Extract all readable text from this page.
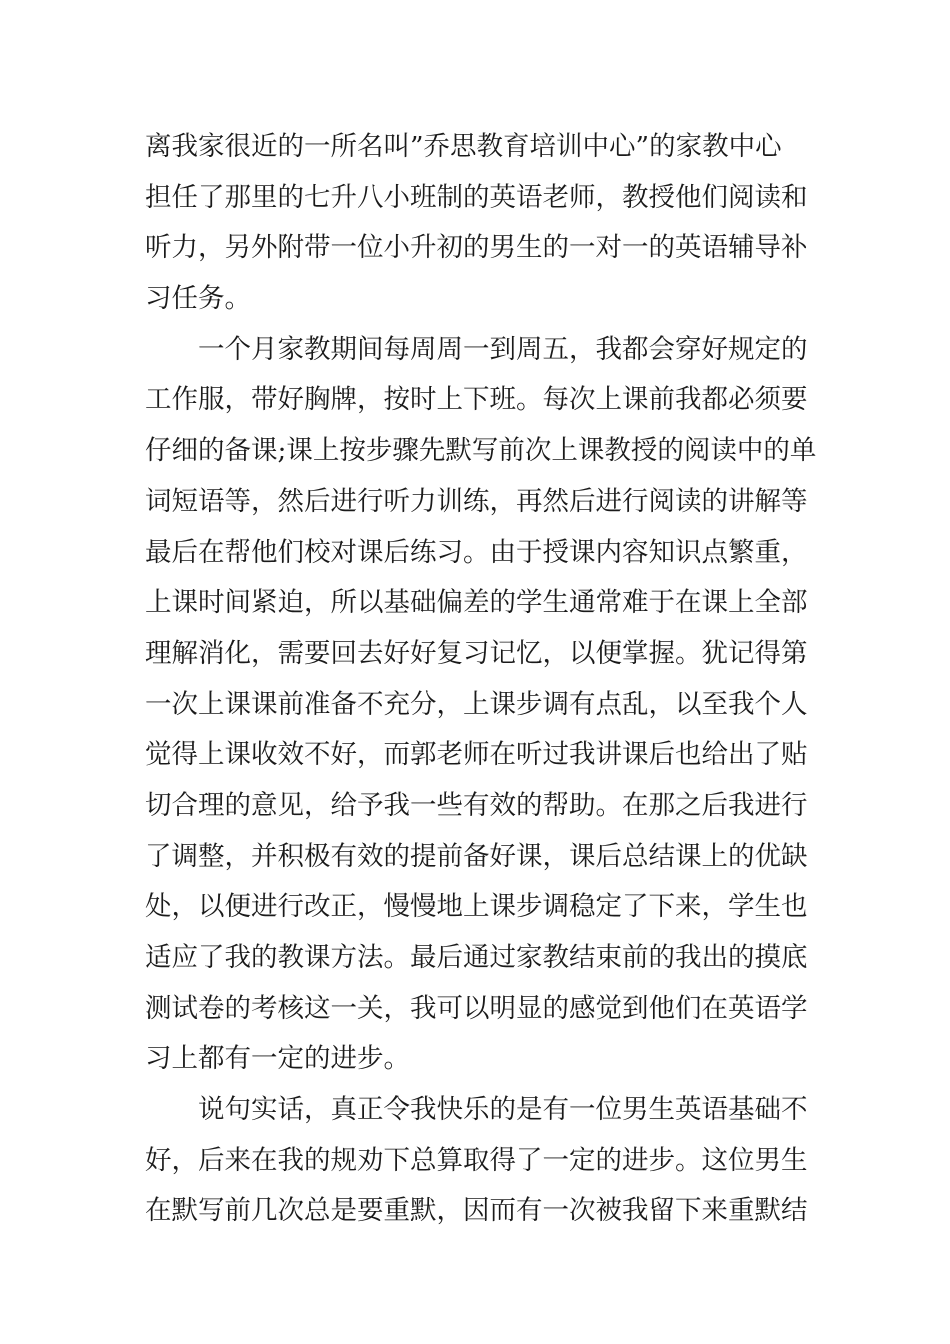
离我家很近的一所名叫”乔思教育培训中心”的家教中心
担任了那里的七升八小班制的英语老师，教授他们阅读和
听力，另外附带一位小升初的男生的一对一的英语辅导补
习任务。
一个月家教期间每周周一到周五，我都会穿好规定的
工作服，带好胸牌，按时上下班。每次上课前我都必须要
仔细的备课;课上按步骤先默写前次上课教授的阅读中的单
词短语等，然后进行听力训练，再然后进行阅读的讲解等
最后在帮他们校对课后练习。由于授课内容知识点繁重，
上课时间紧迫，所以基础偏差的学生通常难于在课上全部
理解消化，需要回去好好复习记忆，以便掌握。犹记得第
一次上课课前准备不充分，上课步调有点乱，以至我个人
觉得上课收效不好，而郭老师在听过我讲课后也给出了贴
切合理的意见，给予我一些有效的帮助。在那之后我进行
了调整，并积极有效的提前备好课，课后总结课上的优缺
处，以便进行改正，慢慢地上课步调稳定了下来，学生也
适应了我的教课方法。最后通过家教结束前的我出的摸底
测试卷的考核这一关，我可以明显的感觉到他们在英语学
习上都有一定的进步。
说句实话，真正令我快乐的是有一位男生英语基础不
好，后来在我的规劝下总算取得了一定的进步。这位男生
在默写前几次总是要重默，因而有一次被我留下来重默结
